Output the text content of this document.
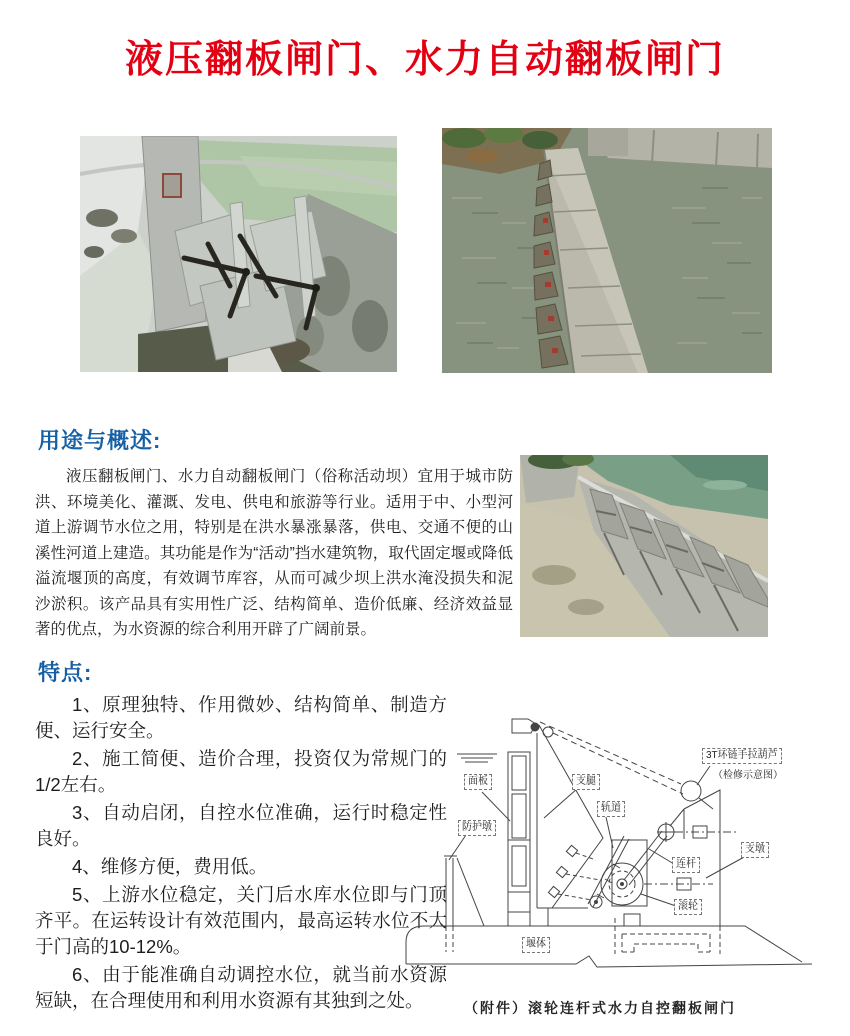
液压翻板闸门、水力自动翻板闸门
用途与概述:

液压翻板闸门、水力自动翻板闸门（俗称活动坝）宜用于城市防洪、环境美化、灌溉、发电、供电和旅游等行业。适用于中、小型河道上游调节水位之用，特别是在洪水暴涨暴落，供电、交通不便的山溪性河道上建造。其功能是作为“活动”挡水建筑物，取代固定堰或降低溢流堰顶的高度，有效调节库容，从而可减少坝上洪水淹没损失和泥沙淤积。该产品具有实用性广泛、结构简单、造价低廉、经济效益显著的优点，为水资源的综合利用开辟了广阔前景。

特点:

1、原理独特、作用微妙、结构简单、制造方便、运行安全。

2、施工简便、造价合理，投资仅为常规门的1/2左右。

3、自动启闭，自控水位准确，运行时稳定性良好。

4、维修方便，费用低。

5、上游水位稳定，关门后水库水位即与门顶齐平。在运转设计有效范围内，最高运转水位不大于门高的10-12%。

6、由于能准确自动调控水位，就当前水资源短缺，在合理使用和利用水资源有其独到之处。

面板	支腿
轨道
防护墩
3T环链手拉葫芦
（检修示意图）
支墩
连杆
滚轮
堰体
（附件）滚轮连杆式水力自控翻板闸门
